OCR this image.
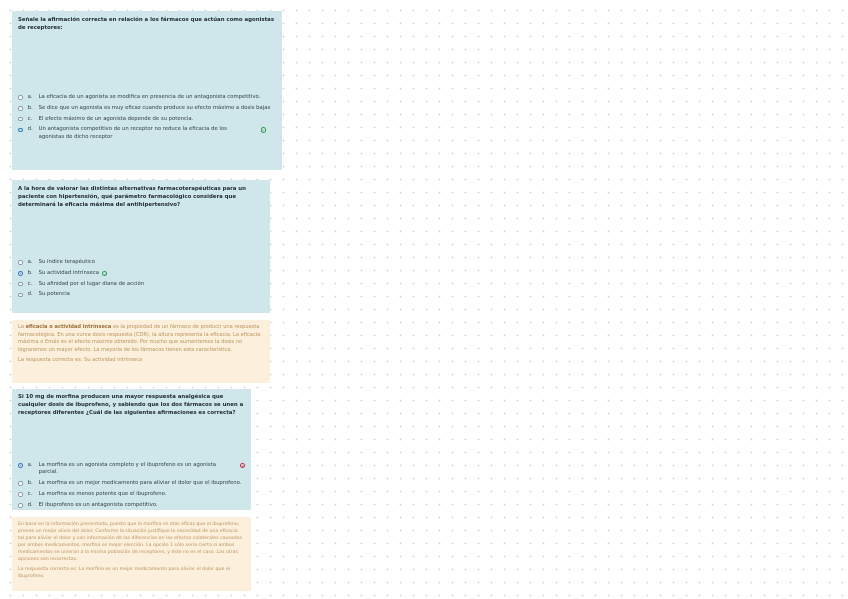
Señale la afirmación correcta en relación a los fármacos que actúan como agonistas de receptores:
a.	La eficacia de un agonista se modifica en presencia de un antagonista competitivo.
b.	Se dice que un agonista es muy eficaz cuando produce su efecto máximo a dosis bajas
c.	El efecto máximo de un agonista depende de su potencia.
d.	Un antagonista competitivo de un receptor no reduce la eficacia de los agonistas de dicho receptor
✓
A la hora de valorar las distintas alternativas farmacoterapéuticas para un paciente con hipertensión, qué parámetro farmacológico considera que determinará la eficacia máxima del antihipertensivo?
a.	Su índice terapéutico
b.	Su actividad intrínseca ✓
c.	Su afinidad por el lugar diana de acción
d.	Su potencia
La eficacia o actividad intrínseca es la propiedad de un fármaco de producir una respuesta farmacológica. En una curva dosis respuesta (CDR), la altura representa la eficacia. La eficacia máxima o Emáx es el efecto máximo obtenido. Por mucho que aumentemos la dosis no lograremos un mayor efecto. La mayoría de los fármacos tienen esta característica.
La respuesta correcta es: Su actividad intrínseca
Si 10 mg de morfina producen una mayor respuesta analgésica que cualquier dosis de ibuprofeno, y sabiendo que los dos fármacos se unen a receptores diferentes ¿Cuál de las siguientes afirmaciones es correcta?
a.	La morfina es un agonista completo y el ibuprofeno es un agonista parcial.
✕
b.	La morfina es un mejor medicamento para aliviar el dolor que el ibuprofeno.
c.	La morfina es menos potente que el ibuprofeno.
d.	El ibuprofeno es un antagonista competitivo.
En base en la información presentada, puesto que la morfina es más eficaz que el ibuprofeno, provee un mejor alivio del dolor. Conforme la situación justifique la necesidad de una eficacia tal para aliviar el dolor y con información de las diferencias en los efectos colaterales causados por ambos medicamentos, morfina es mejor elección. La opción 1 sólo sería cierta si ambos medicamentos se unieran a la misma población de receptores, y éste no es el caso. Las otras opciones son incorrectas.
La respuesta correcta es: La morfina es un mejor medicamento para aliviar el dolor que el ibuprofeno.
